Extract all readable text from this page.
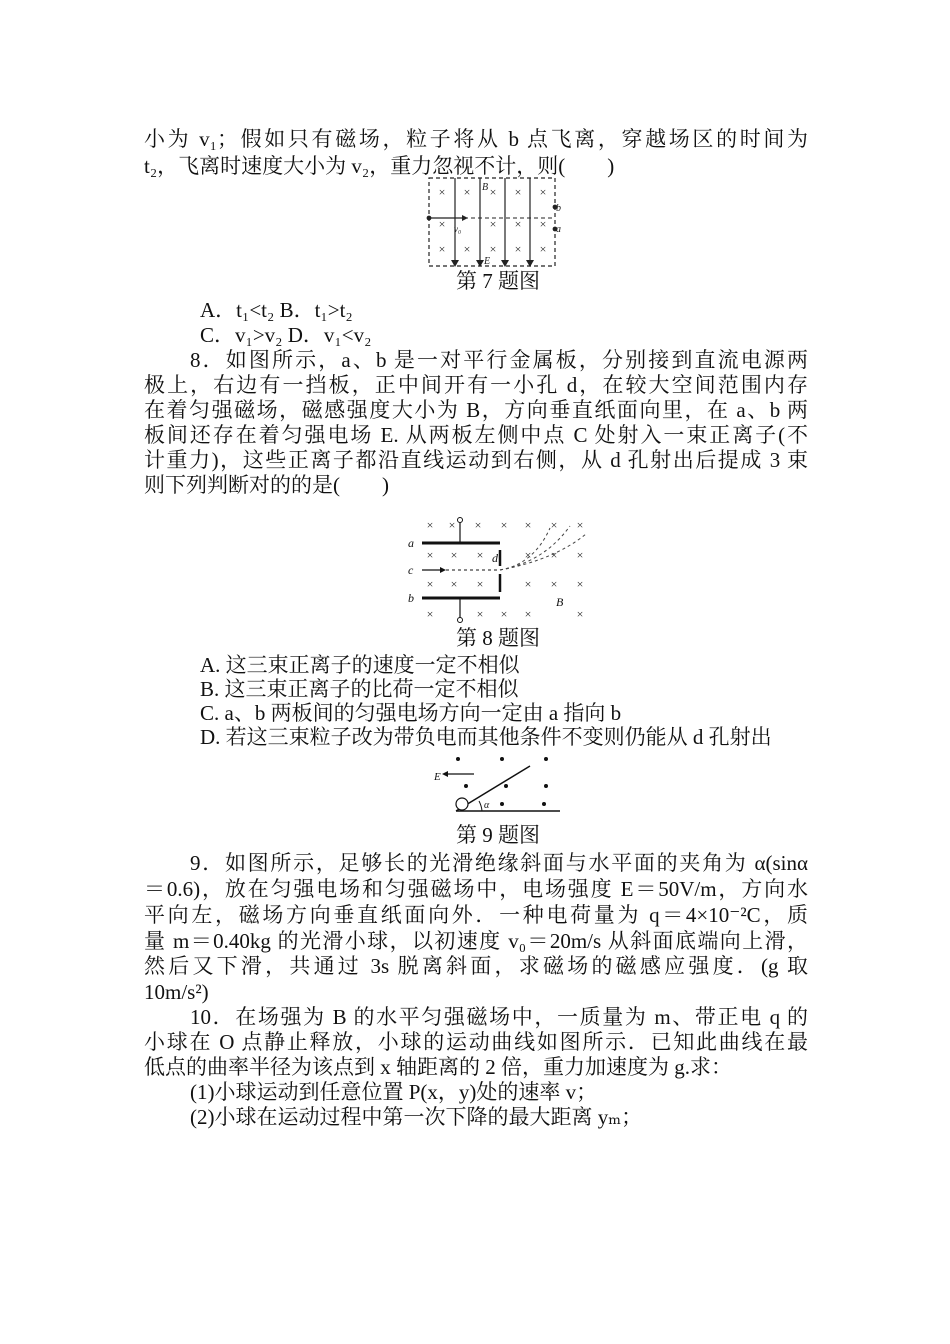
小为 v₁；假如只有磁场，粒子将从 b 点飞离，穿越场区的时间为
t₂，飞离时速度大小为 v₂，重力忽视不计，则(　　)
× ×	× ×
×
×	× × ×
× × × × ×
B
E
v₀	a
b
第 7 题图
A．t₁<t₂ B．t₁>t₂
C．v₁>v₂ D．v₁<v₂
8．如图所示，a、b 是一对平行金属板，分别接到直流电源两
极上，右边有一挡板，正中间开有一小孔 d，在较大空间范围内存
在着匀强磁场，磁感强度大小为 B，方向垂直纸面向里，在 a、b 两
板间还存在着匀强电场 E. 从两板左侧中点 C 处射入一束正离子(不
计重力)，这些正离子都沿直线运动到右侧，从 d 孔射出后提成 3 束
则下列判断对的的是(　　)
× × × × × × ×
× × ×	× × ×
× × ×	× × ×
×	× × ×	×
a
c
b
d
B
第 8 题图
A. 这三束正离子的速度一定不相似
B. 这三束正离子的比荷一定不相似
C. a、b 两板间的匀强电场方向一定由 a 指向 b
D. 若这三束粒子改为带负电而其他条件不变则仍能从 d 孔射出
E
α
第 9 题图
9．如图所示，足够长的光滑绝缘斜面与水平面的夹角为 α(sinα
＝0.6)，放在匀强电场和匀强磁场中，电场强度 E＝50V/m，方向水
平向左，磁场方向垂直纸面向外．一种电荷量为 q＝4×10⁻²C，质
量 m＝0.40kg 的光滑小球，以初速度 v₀＝20m/s 从斜面底端向上滑，
然后又下滑，共通过 3s 脱离斜面，求磁场的磁感应强度．(g 取
10m/s²)
10．在场强为 B 的水平匀强磁场中，一质量为 m、带正电 q 的
小球在 O 点静止释放，小球的运动曲线如图所示．已知此曲线在最
低点的曲率半径为该点到 x 轴距离的 2 倍，重力加速度为 g.求：
(1)小球运动到任意位置 P(x，y)处的速率 v；
(2)小球在运动过程中第一次下降的最大距离 yₘ；
